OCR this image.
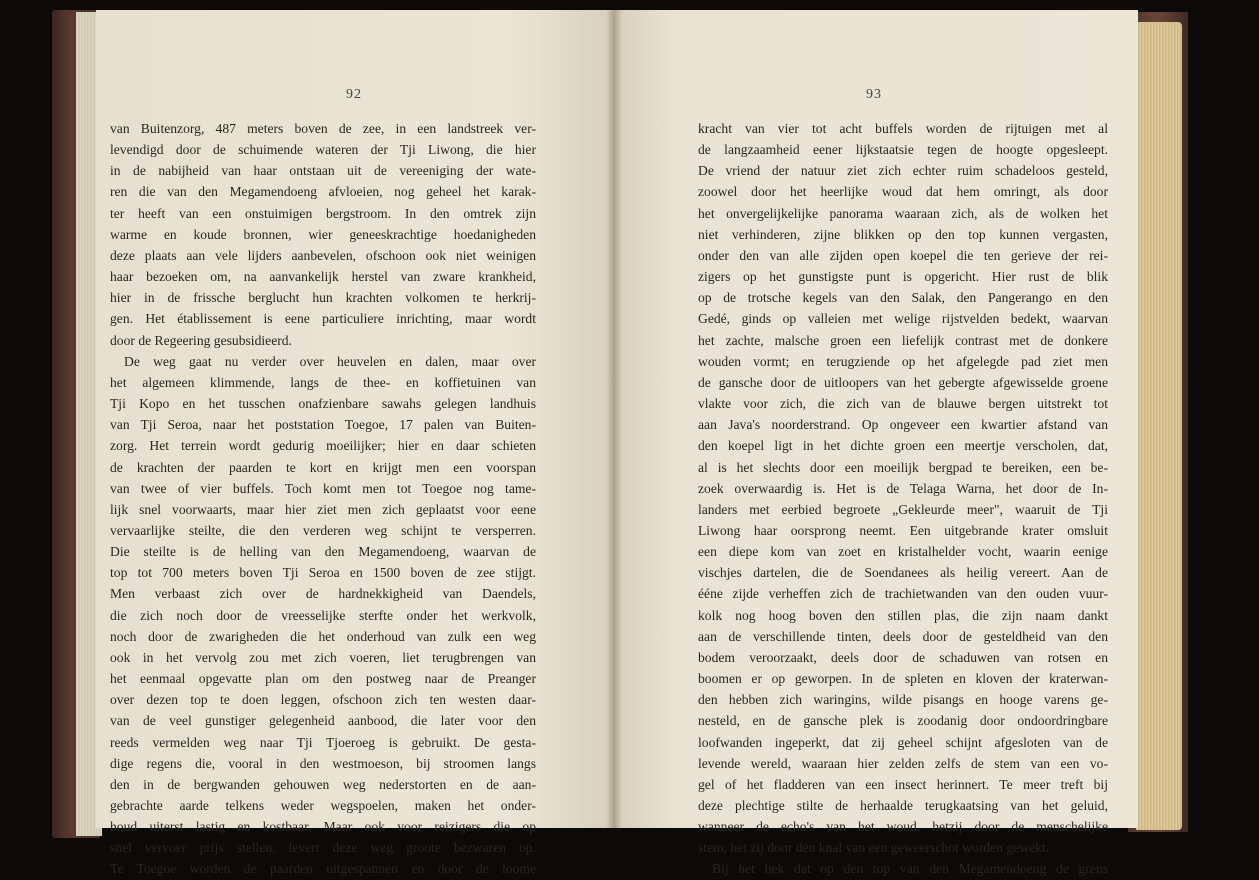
92
van Buitenzorg, 487 meters boven de zee, in een landstreek ver-
levendigd door de schuimende wateren der Tji Liwong, die hier
in de nabijheid van haar ontstaan uit de vereeniging der wate-
ren die van den Megamendoeng afvloeien, nog geheel het karak-
ter heeft van een onstuimigen bergstroom. In den omtrek zijn
warme en koude bronnen, wier geneeskrachtige hoedanigheden
deze plaats aan vele lijders aanbevelen, ofschoon ook niet weinigen
haar bezoeken om, na aanvankelijk herstel van zware krankheid,
hier in de frissche berglucht hun krachten volkomen te herkrij-
gen. Het établissement is eene particuliere inrichting, maar wordt
door de Regeering gesubsidieerd.
De weg gaat nu verder over heuvelen en dalen, maar over
het algemeen klimmende, langs de thee- en koffietuinen van
Tji Kopo en het tusschen onafzienbare sawahs gelegen landhuis
van Tji Seroa, naar het poststation Toegoe, 17 palen van Buiten-
zorg. Het terrein wordt gedurig moeilijker; hier en daar schieten
de krachten der paarden te kort en krijgt men een voorspan
van twee of vier buffels. Toch komt men tot Toegoe nog tame-
lijk snel voorwaarts, maar hier ziet men zich geplaatst voor eene
vervaarlijke steilte, die den verderen weg schijnt te versperren.
Die steilte is de helling van den Megamendoeng, waarvan de
top tot 700 meters boven Tji Seroa en 1500 boven de zee stijgt.
Men verbaast zich over de hardnekkigheid van Daendels,
die zich noch door de vreesselijke sterfte onder het werkvolk,
noch door de zwarigheden die het onderhoud van zulk een weg
ook in het vervolg zou met zich voeren, liet terugbrengen van
het eenmaal opgevatte plan om den postweg naar de Preanger
over dezen top te doen leggen, ofschoon zich ten westen daar-
van de veel gunstiger gelegenheid aanbood, die later voor den
reeds vermelden weg naar Tji Tjoeroeg is gebruikt. De gesta-
dige regens die, vooral in den westmoeson, bij stroomen langs
den in de bergwanden gehouwen weg nederstorten en de aan-
gebrachte aarde telkens weder wegspoelen, maken het onder-
houd uiterst lastig en kostbaar. Maar ook voor reizigers die op
snel vervoer prijs stellen, levert deze weg groote bezwaren op.
Te Toegoe worden de paarden uitgespannen en door de loome
93
kracht van vier tot acht buffels worden de rijtuigen met al
de langzaamheid eener lijkstaatsie tegen de hoogte opgesleept.
De vriend der natuur ziet zich echter ruim schadeloos gesteld,
zoowel door het heerlijke woud dat hem omringt, als door
het onvergelijkelijke panorama waaraan zich, als de wolken het
niet verhinderen, zijne blikken op den top kunnen vergasten,
onder den van alle zijden open koepel die ten gerieve der rei-
zigers op het gunstigste punt is opgericht. Hier rust de blik
op de trotsche kegels van den Salak, den Pangerango en den
Gedé, ginds op valleien met welige rijstvelden bedekt, waarvan
het zachte, malsche groen een liefelijk contrast met de donkere
wouden vormt; en terugziende op het afgelegde pad ziet men
de gansche door de uitloopers van het gebergte afgewisselde groene
vlakte voor zich, die zich van de blauwe bergen uitstrekt tot
aan Java's noorderstrand. Op ongeveer een kwartier afstand van
den koepel ligt in het dichte groen een meertje verscholen, dat,
al is het slechts door een moeilijk bergpad te bereiken, een be-
zoek overwaardig is. Het is de Telaga Warna, het door de In-
landers met eerbied begroete „Gekleurde meer", waaruit de Tji
Liwong haar oorsprong neemt. Een uitgebrande krater omsluit
een diepe kom van zoet en kristalhelder vocht, waarin eenige
vischjes dartelen, die de Soendanees als heilig vereert. Aan de
ééne zijde verheffen zich de trachietwanden van den ouden vuur-
kolk nog hoog boven den stillen plas, die zijn naam dankt
aan de verschillende tinten, deels door de gesteldheid van den
bodem veroorzaakt, deels door de schaduwen van rotsen en
boomen er op geworpen. In de spleten en kloven der kraterwan-
den hebben zich waringins, wilde pisangs en hooge varens ge-
nesteld, en de gansche plek is zoodanig door ondoordringbare
loofwanden ingeperkt, dat zij geheel schijnt afgesloten van de
levende wereld, waaraan hier zelden zelfs de stem van een vo-
gel of het fladderen van een insect herinnert. Te meer treft bij
deze plechtige stilte de herhaalde terugkaatsing van het geluid,
wanneer de echo's van het woud, hetzij door de menschelijke
stem, het zij door den knal van een geweerschot worden gewekt.
Bij het hek dat op den top van den Megamendoeng de grens
